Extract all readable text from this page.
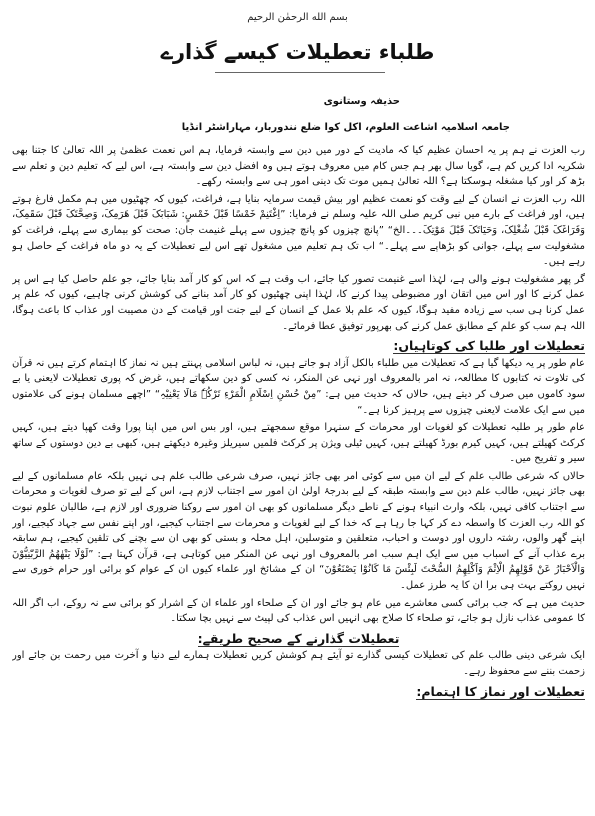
بسم الله الرحمٰن الرحیم
طلباء تعطیلات کیسے گذارے
حذیفہ وستانوی
جامعہ اسلامیہ اشاعت العلوم، اکل کوا ضلع نندوربار، مہاراشٹر انڈیا

رب العزت نے ہم پر یہ احسان عظیم کیا کہ مادیت کے دور میں دین سے وابستہ فرمایا، ہم اس نعمت عظمیٰ پر اللہ تعالیٰ کا جتنا بھی شکریہ ادا کریں کم ہے، گویا سال بھر ہم جس کام میں معروف ہوتے ہیں وہ افضل دین سے وابستہ ہے، اس لیے کہ تعلیم دین و تعلم سے بڑھ کر اور کیا مشغلہ ہوسکتا ہے؟ اللہ تعالیٰ ہمیں موت تک دینی امور ہی سے وابستہ رکھے۔

اللہ رب العزت نے انسان کے لیے وقت کو نعمت عظیم اور بیش قیمت سرمایہ بنایا ہے، فراغت، کیوں کہ چھٹیوں میں ہم مکمل فارغ ہوتے ہیں، اور فراغت کے بارے میں نبی کریم صلی اللہ علیہ وسلم نے فرمایا: ”اِغْتَنِمْ خَمْسًا قَبْلَ خَمْسٍ: شَبَابَکَ قَبْلَ ھَرَمِکَ، وَصِحَّتَکَ قَبْلَ سَقَمِکَ، وَفَرَاغَکَ قَبْلَ شُغْلِکَ، وَحَیَاتَکَ قَبْلَ مَوْتِکَ۔۔۔الخ“ ”پانچ چیزوں کو پانچ چیزوں سے پہلے غنیمت جان: صحت کو بیماری سے پہلے، فراغت کو مشغولیت سے پہلے، جوانی کو بڑھاپے سے پہلے۔“ اب تک ہم تعلیم میں مشغول تھے اس لیے تعطیلات کے یہ دو ماہ فراغت کے حاصل ہو رہے ہیں۔

گر پھر مشغولیت ہونے والی ہے، لہٰذا اسے غنیمت تصور کیا جائے، اب وقت ہے کہ اس کو کار آمد بنایا جائے، جو علم حاصل کیا ہے اس پر عمل کرنے کا اور اس میں اتقان اور مضبوطی پیدا کرنے کا، لہٰذا اپنی چھٹیوں کو کار آمد بنانے کی کوشش کرنی چاہیے، کیوں کہ علم پر عمل کرنا ہی سب سے زیادہ مفید ہوگا، کیوں کہ علم بلا عمل کے انسان کے لیے جنت اور قیامت کے دن مصیبت اور عذاب کا باعث ہوگا، اللہ ہم سب کو علم کے مطابق عمل کرنے کی بھرپور توفیق عطا فرمائے۔

تعطیلات اور طلبا کی کوتاہیاں:

عام طور پر یہ دیکھا گیا ہے کہ تعطیلات میں طلباء بالکل آزاد ہو جاتے ہیں، نہ لباس اسلامی پہنتے ہیں نہ نماز کا اہتمام کرتے ہیں نہ قرآن کی تلاوت نہ کتابوں کا مطالعہ، نہ امر بالمعروف اور نہی عن المنکر، نہ کسی کو دین سکھاتے ہیں، غرض کہ پوری تعطیلات لایعنی یا بے سود کاموں میں صرف کر دیتے ہیں، حالاں کہ حدیث میں ہے: ”مِنْ حُسْنِ اِسْلَامِ الْمَرْءِ تَرْکُہٗ مَالَا یَعْنِیْہِ“ ”اچھے مسلمان ہونے کی علامتوں میں سے ایک علامت لایعنی چیزوں سے پرہیز کرنا ہے۔“

عام طور پر طلبہ تعطیلات کو لغویات اور محرمات کے سنہرا موقع سمجھتے ہیں، اور بس اس میں اپنا پورا وقت کھپا دیتے ہیں، کہیں کرکٹ کھیلتے ہیں، کہیں کیرم بورڈ کھیلتے ہیں، کہیں ٹیلی ویژن پر کرکٹ فلمیں سیریلز وغیرہ دیکھتے ہیں، کبھی بے دین دوستوں کے ساتھ سیر و تفریح میں۔

حالاں کہ شرعی طالب علم کے لیے ان میں سے کوئی امر بھی جائز نہیں، صرف شرعی طالب علم ہی نہیں بلکہ عام مسلمانوں کے لیے بھی جائز نہیں، طالب علم دین سے وابستہ طبقہ کے لیے بدرجۂ اولیٰ ان امور سے اجتناب لازم ہے، اس کے لیے تو صرف لغویات و محرمات سے اجتناب کافی نہیں، بلکہ وارث انبیاء ہونے کے ناطے دیگر مسلمانوں کو بھی ان امور سے روکنا ضروری اور لازم ہے، طالبان علوم نبوت کو اللہ رب العزت کا واسطہ دے کر کہا جا رہا ہے کہ خدا کے لیے لغویات و محرمات سے اجتناب کیجیے، اور اپنے نفس سے جہاد کیجیے، اور اپنے گھر والوں، رشتہ داروں اور دوست و احباب، متعلقین و متوسلین، اہل محلہ و بستی کو بھی ان سے بچنے کی تلقین کیجیے، ہم سابقہ برے عذاب آنے کے اسباب میں سے ایک اہم سبب امر بالمعروف اور نہی عن المنکر میں کوتاہی ہے، قرآن کہتا ہے: ”لَوْلَا یَنْھٰھُمُ الرَّبّٰنِیُّوْنَ وَالْاَحْبَارُ عَنْ قَوْلِھِمُ الْاِثْمَ وَاَکْلِھِمُ السُّحْتَ لَبِئْسَ مَا کَانُوْا یَصْنَعُوْنَ“ ان کے مشائخ اور علماء کیوں ان کے عوام کو برائی اور حرام خوری سے نہیں روکتے بہت ہی برا ان کا یہ طرز عمل۔

حدیث میں ہے کہ جب برائی کسی معاشرے میں عام ہو جائے اور ان کے صلحاء اور علماء ان کے اشرار کو برائی سے نہ روکے، اب اگر اللہ کا عمومی عذاب نازل ہو جائے، تو صلحاء کا صلاح بھی انہیں اس عذاب کی لپیٹ سے نہیں بچا سکتا۔

تعطیلات گذارنے کے صحیح طریقے:

ایک شرعی دینی طالب علم کی تعطیلات کیسی گذارے تو آیئے ہم کوشش کریں تعطیلات ہمارے لیے دنیا و آخرت میں رحمت بن جائے اور زحمت بننے سے محفوظ رہے۔

تعطیلات اور نماز کا اہتمام:
